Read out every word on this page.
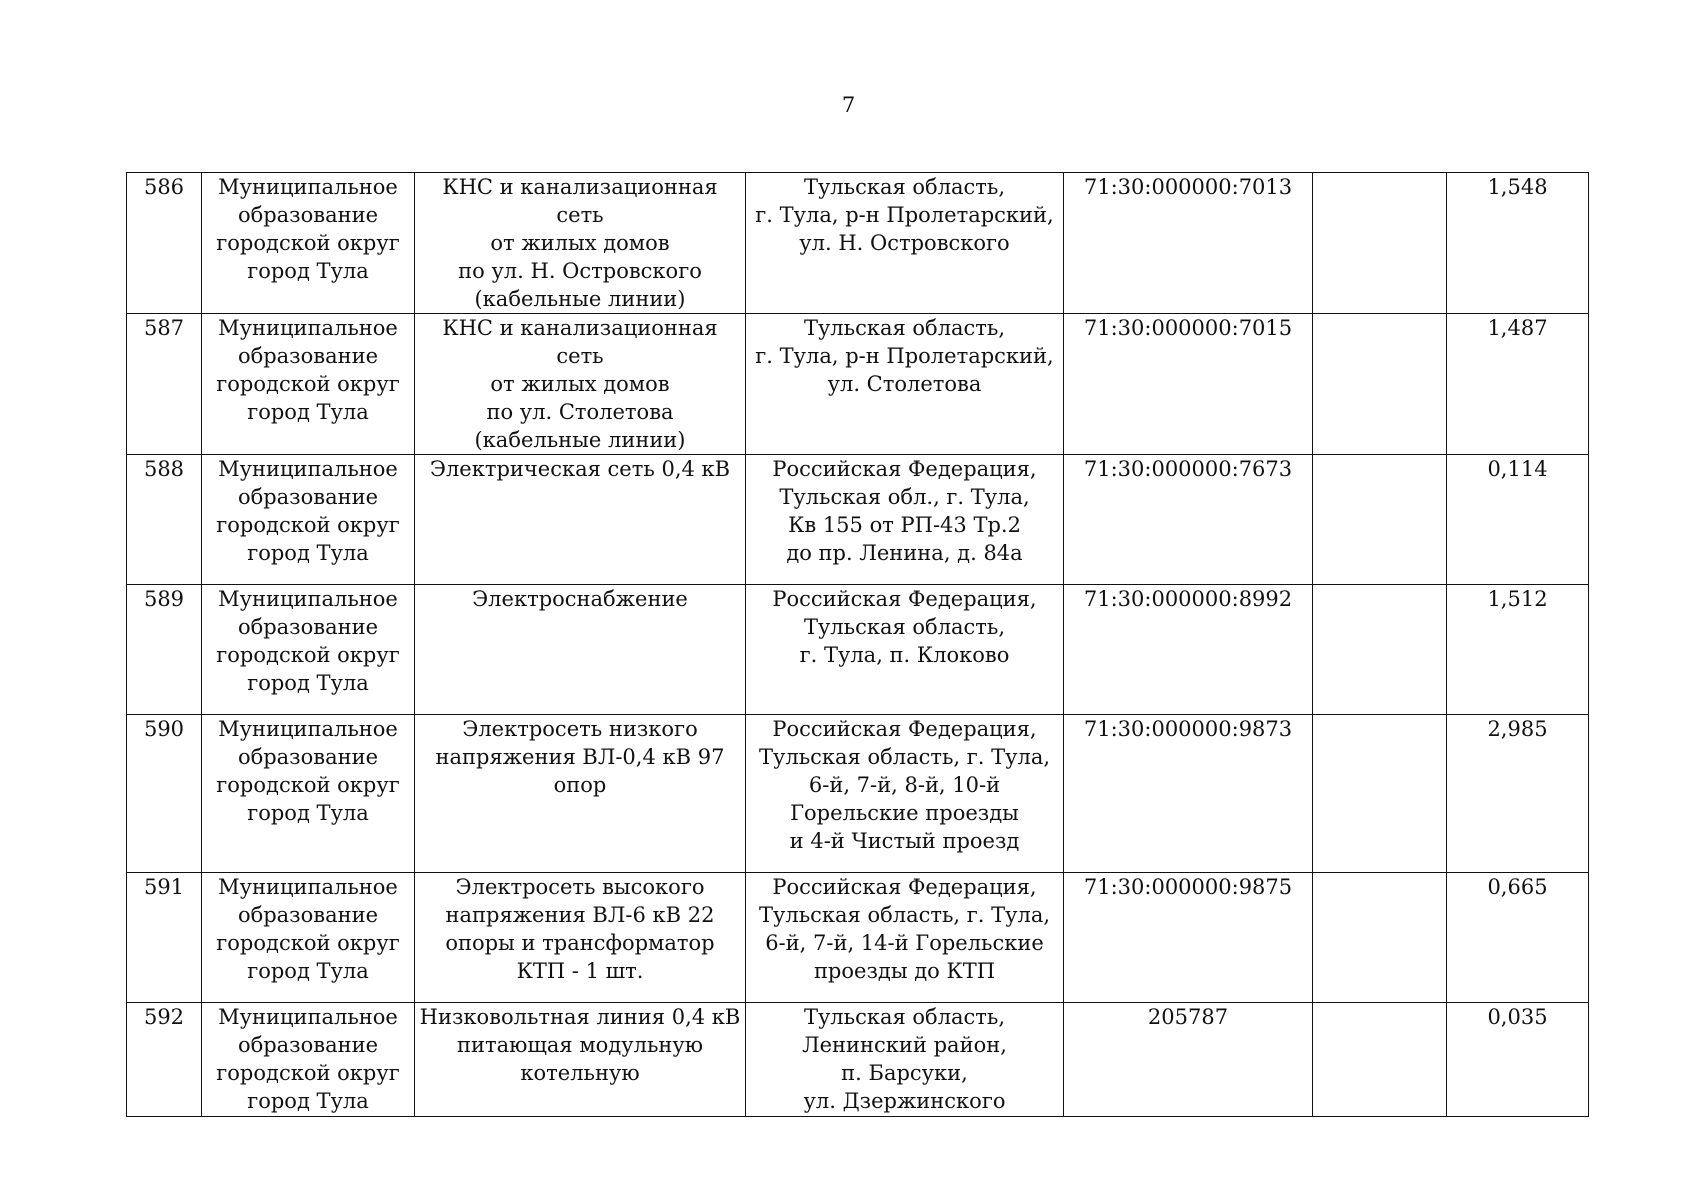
7
586	Муниципальное
образование
городской округ
город Тула	КНС и канализационная сеть
от жилых домов
по ул. Н. Островского
(кабельные линии)	Тульская область,
г. Тула, р-н Пролетарский,
ул. Н. Островского	71:30:000000:7013		1,548
587	Муниципальное
образование
городской округ
город Тула	КНС и канализационная сеть
от жилых домов
по ул. Столетова
(кабельные линии)	Тульская область,
г. Тула, р-н Пролетарский,
ул. Столетова	71:30:000000:7015		1,487
588	Муниципальное
образование
городской округ
город Тула	Электрическая сеть 0,4 кВ	Российская Федерация,
Тульская обл., г. Тула,
Кв 155 от РП-43 Тр.2
до пр. Ленина, д. 84а	71:30:000000:7673		0,114
589	Муниципальное
образование
городской округ
город Тула	Электроснабжение	Российская Федерация,
Тульская область,
г. Тула, п. Клоково	71:30:000000:8992		1,512
590	Муниципальное
образование
городской округ
город Тула	Электросеть низкого
напряжения ВЛ-0,4 кВ 97
опор	Российская Федерация,
Тульская область, г. Тула,
6-й, 7-й, 8-й, 10-й
Горельские проезды
и 4-й Чистый проезд	71:30:000000:9873		2,985
591	Муниципальное
образование
городской округ
город Тула	Электросеть высокого
напряжения ВЛ-6 кВ 22
опоры и трансформатор
КТП - 1 шт.	Российская Федерация,
Тульская область, г. Тула,
6-й, 7-й, 14-й Горельские
проезды до КТП	71:30:000000:9875		0,665
592	Муниципальное
образование
городской округ
город Тула	Низковольтная линия 0,4 кВ
питающая модульную
котельную	Тульская область,
Ленинский район,
п. Барсуки,
ул. Дзержинского	205787		0,035
